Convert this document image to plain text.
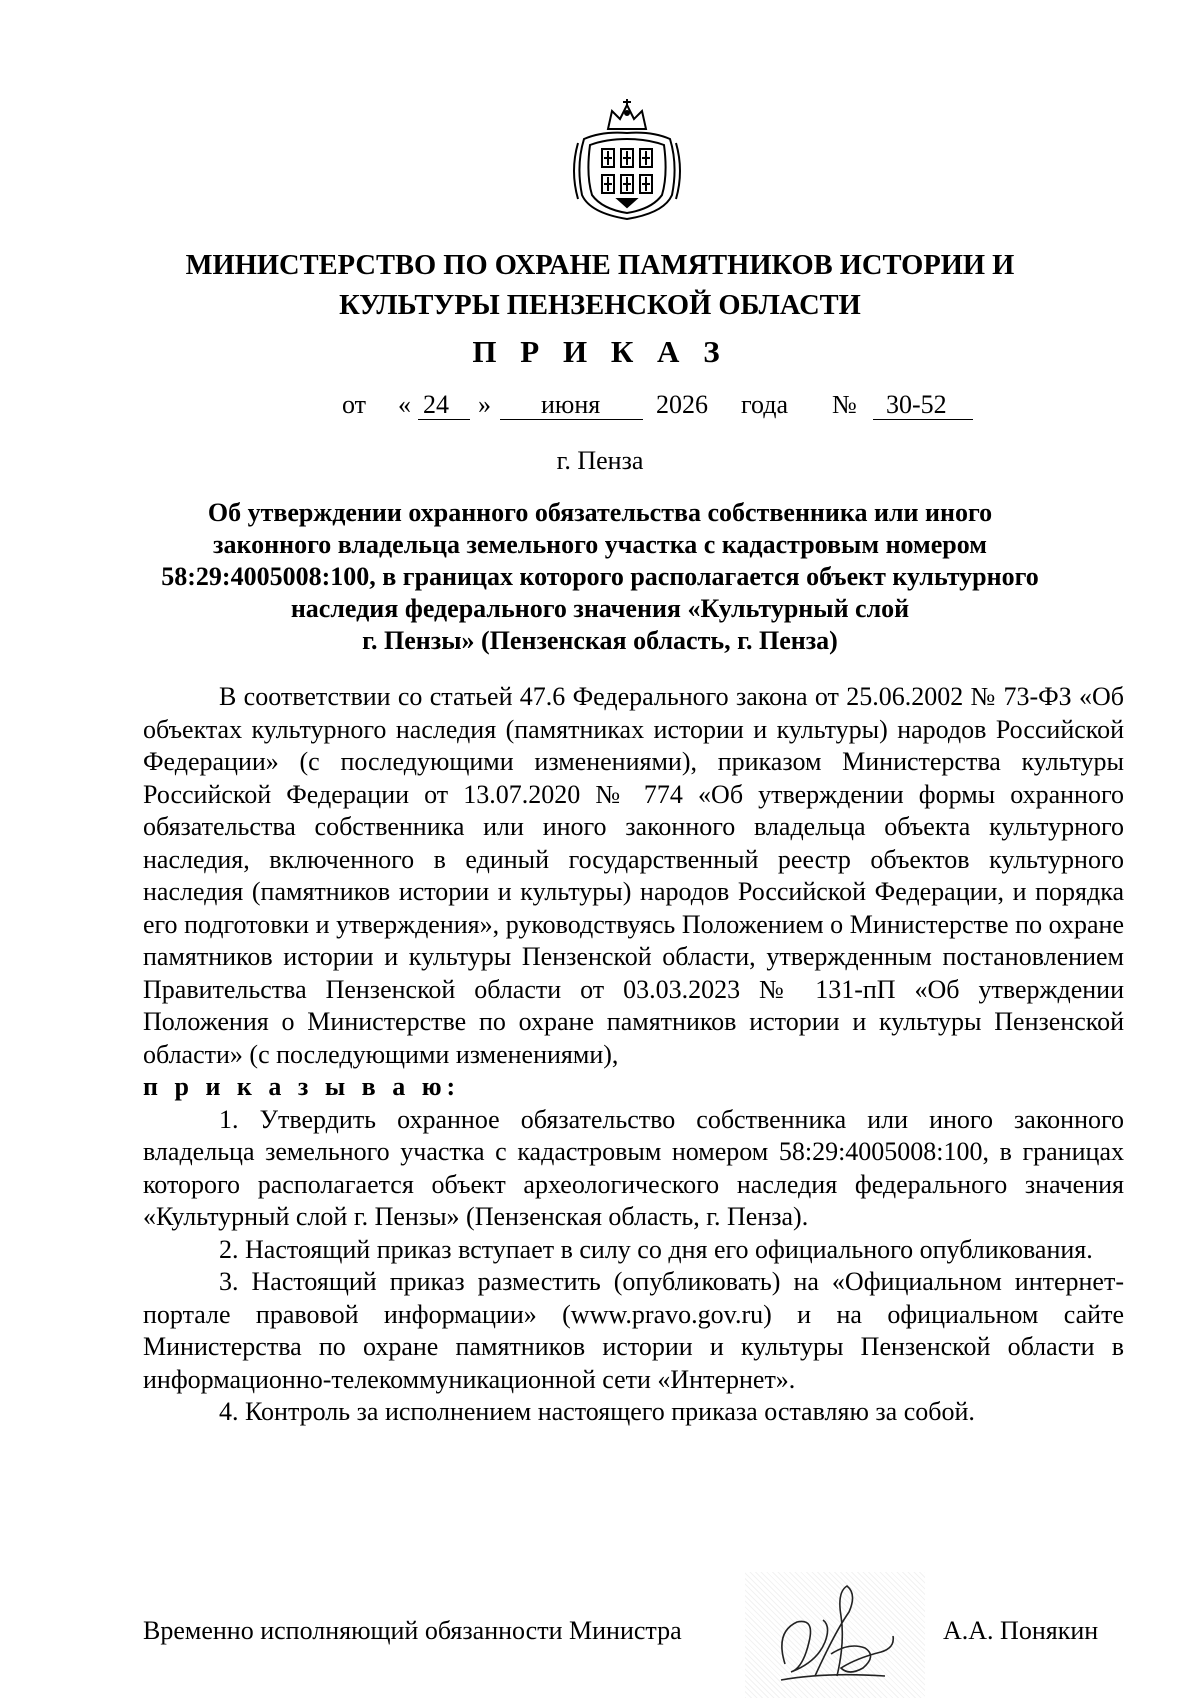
МИНИСТЕРСТВО ПО ОХРАНЕ ПАМЯТНИКОВ ИСТОРИИ И
КУЛЬТУРЫ ПЕНЗЕНСКОЙ ОБЛАСТИ
П Р И К А З
от « 24 » июня 2026 года № 30-52
г. Пенза
Об утверждении охранного обязательства собственника или иного
законного владельца земельного участка с кадастровым номером
58:29:4005008:100, в границах которого располагается объект культурного
наследия федерального значения «Культурный слой
г. Пензы» (Пензенская область, г. Пенза)

В соответствии со статьей 47.6 Федерального закона от 25.06.2002 № 73-ФЗ «Об объектах культурного наследия (памятниках истории и культуры) народов Российской Федерации» (с последующими изменениями), приказом Министерства культуры Российской Федерации от 13.07.2020 № 774 «Об утверждении формы охранного обязательства собственника или иного законного владельца объекта культурного наследия, включенного в единый государственный реестр объектов культурного наследия (памятников истории и культуры) народов Российской Федерации, и порядка его подготовки и утверждения», руководствуясь Положением о Министерстве по охране памятников истории и культуры Пензенской области, утвержденным постановлением Правительства Пензенской области от 03.03.2023 № 131-пП «Об утверждении Положения о Министерстве по охране памятников истории и культуры Пензенской области» (с последующими изменениями),

п р и к а з ы в а ю:

1. Утвердить охранное обязательство собственника или иного законного владельца земельного участка с кадастровым номером 58:29:4005008:100, в границах которого располагается объект археологического наследия федерального значения «Культурный слой г. Пензы» (Пензенская область, г. Пенза).

2. Настоящий приказ вступает в силу со дня его официального опубликования.

3. Настоящий приказ разместить (опубликовать) на «Официальном интернет-портале правовой информации» (www.pravo.gov.ru) и на официальном сайте Министерства по охране памятников истории и культуры Пензенской области в информационно-телекоммуникационной сети «Интернет».

4. Контроль за исполнением настоящего приказа оставляю за собой.

Временно исполняющий обязанности Министра	А.А. Понякин
